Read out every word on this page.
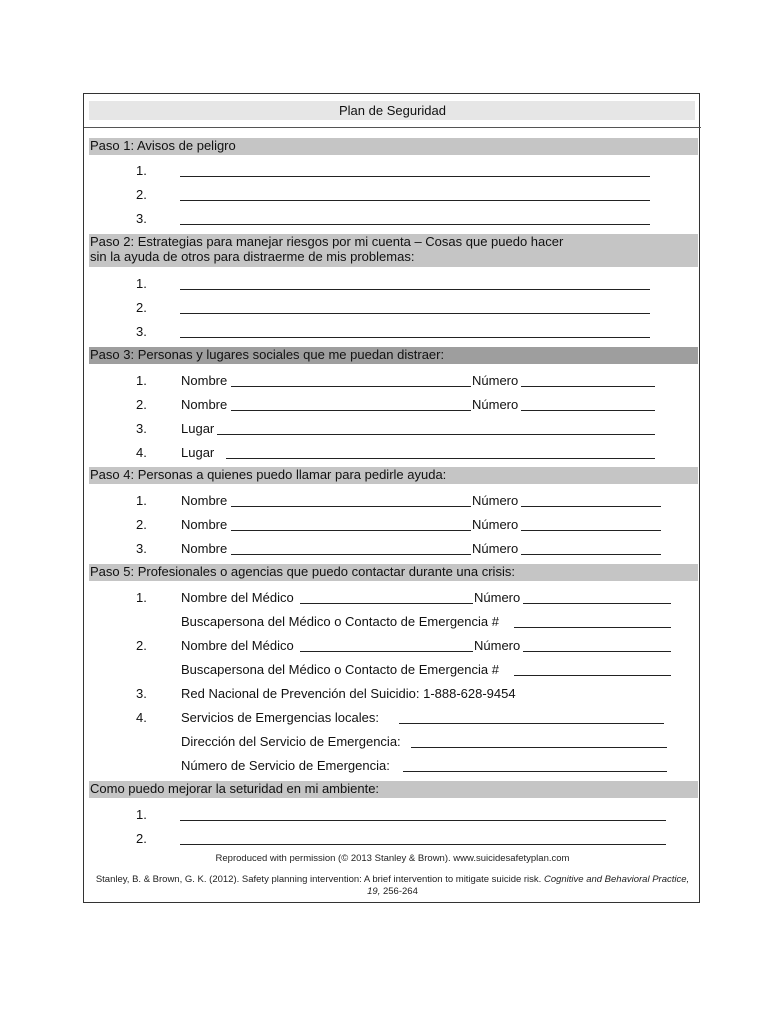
Plan de Seguridad
Paso 1: Avisos de peligro
1.
2.
3.
Paso 2: Estrategias para manejar riesgos por mi cuenta – Cosas que puedo hacer
sin la ayuda de otros para distraerme de mis problemas:
1.
2.
3.
Paso 3: Personas y lugares sociales que me puedan distraer:
1.	Nombre	Número
2.	Nombre	Número
3.	Lugar
4.	Lugar
Paso 4: Personas a quienes puedo llamar para pedirle ayuda:
1.	Nombre	Número
2.	Nombre	Número
3.	Nombre	Número
Paso 5: Profesionales o agencias que puedo contactar durante una crisis:
1.	Nombre del Médico	Número
Buscapersona del Médico o Contacto de Emergencia #
2.	Nombre del Médico	Número
Buscapersona del Médico o Contacto de Emergencia #
3.	Red Nacional de Prevención del Suicidio: 1-888-628-9454
4.	Servicios de Emergencias locales:
Dirección del Servicio de Emergencia:
Número de Servicio de Emergencia:
Como puedo mejorar la seturidad en mi ambiente:
1.
2.
Reproduced with permission (© 2013 Stanley & Brown). www.suicidesafetyplan.com
Stanley, B. & Brown, G. K. (2012). Safety planning intervention: A brief intervention to mitigate suicide risk. Cognitive and Behavioral Practice, 19, 256-264
